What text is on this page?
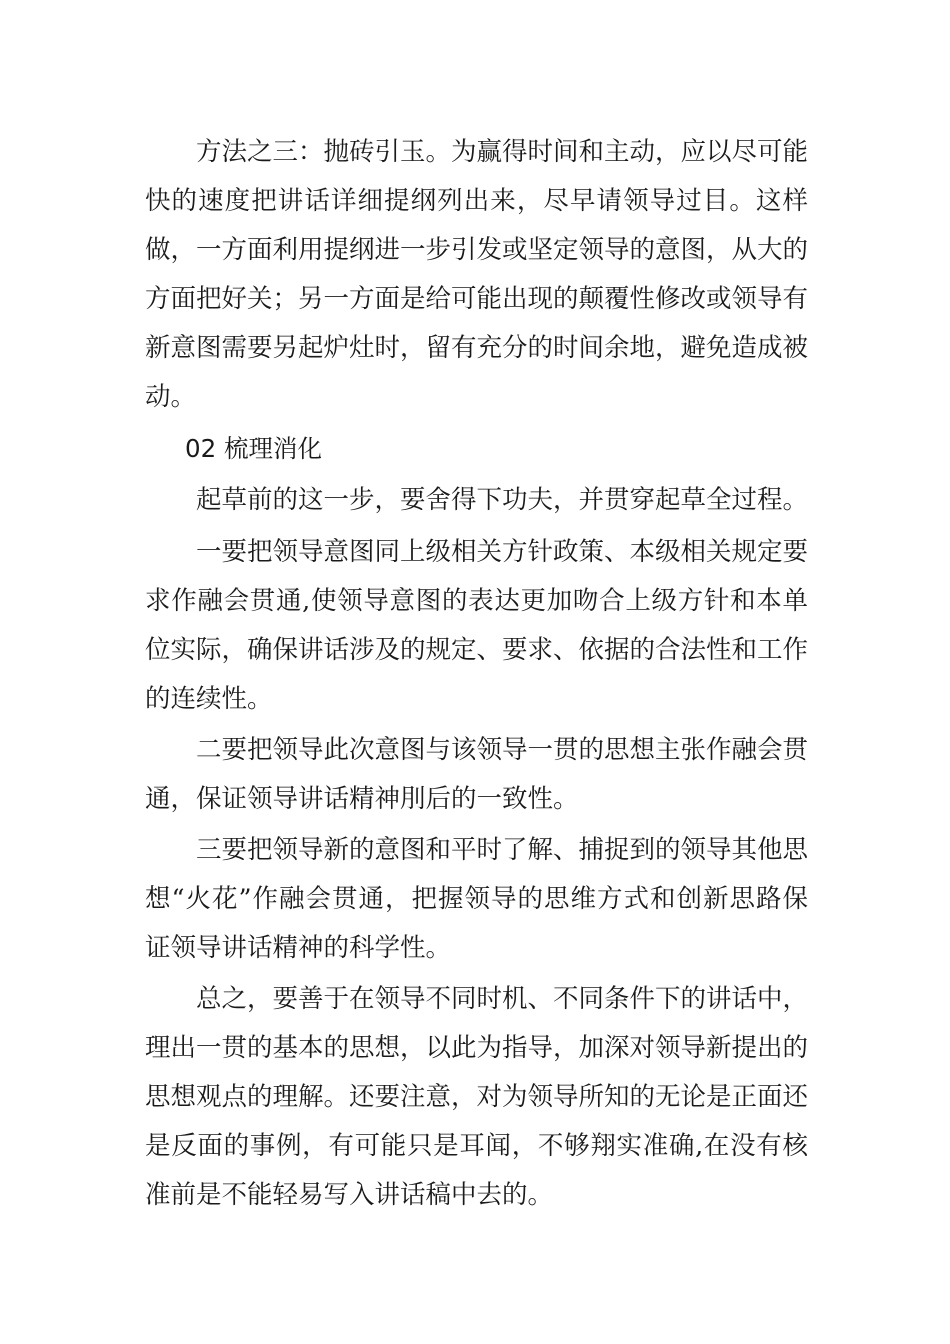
方法之三：抛砖引玉。为赢得时间和主动，应以尽可能快的速度把讲话详细提纲列出来，尽早请领导过目。这样做，一方面利用提纲进一步引发或坚定领导的意图，从大的方面把好关；另一方面是给可能出现的颠覆性修改或领导有新意图需要另起炉灶时，留有充分的时间余地，避免造成被动。

02 梳理消化

起草前的这一步，要舍得下功夫，并贯穿起草全过程。

一要把领导意图同上级相关方针政策、本级相关规定要求作融会贯通,使领导意图的表达更加吻合上级方针和本单位实际，确保讲话涉及的规定、要求、依据的合法性和工作的连续性。

二要把领导此次意图与该领导一贯的思想主张作融会贯通，保证领导讲话精神刖后的一致性。

三要把领导新的意图和平时了解、捕捉到的领导其他思想“火花”作融会贯通，把握领导的思维方式和创新思路保证领导讲话精神的科学性。

总之，要善于在领导不同时机、不同条件下的讲话中，理出一贯的基本的思想，以此为指导，加深对领导新提出的思想观点的理解。还要注意，对为领导所知的无论是正面还是反面的事例，有可能只是耳闻，不够翔实准确,在没有核准前是不能轻易写入讲话稿中去的。
